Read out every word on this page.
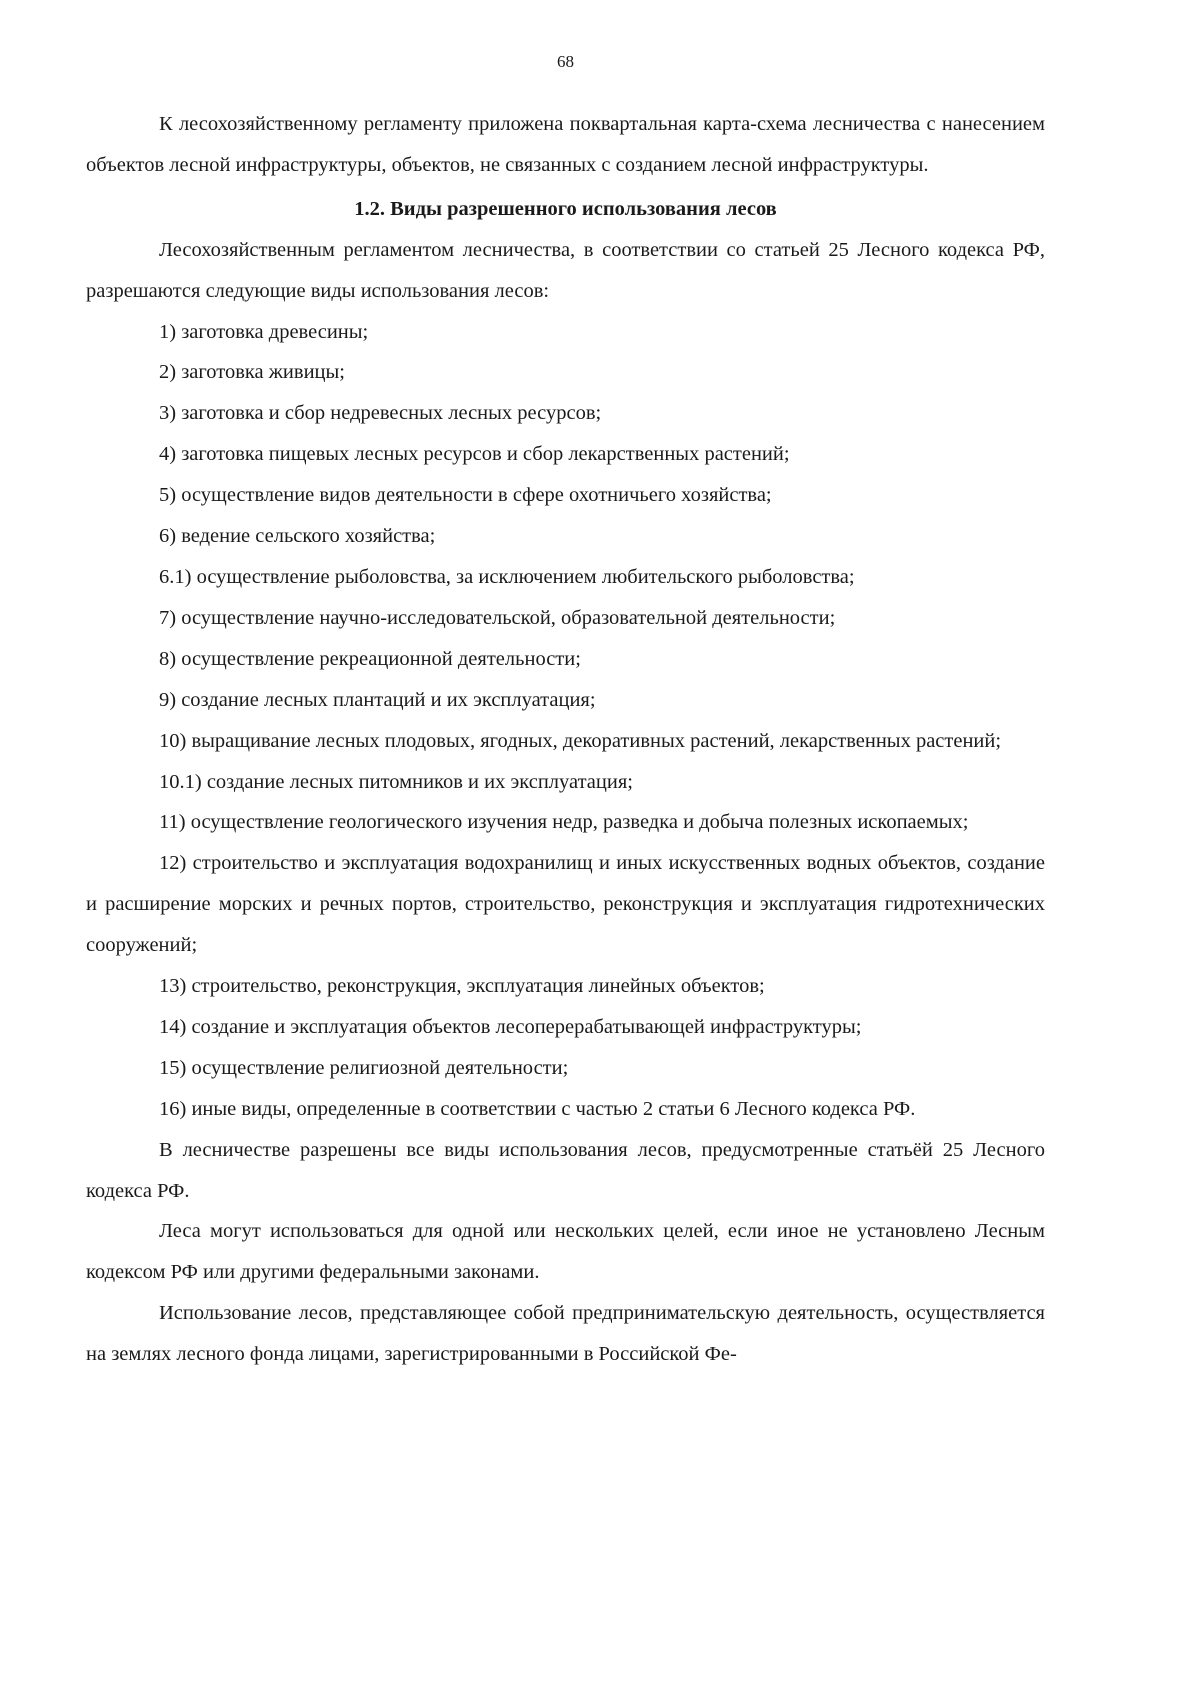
68

К лесохозяйственному регламенту приложена поквартальная карта-схема лесничества с нанесением объектов лесной инфраструктуры, объектов, не связанных с созданием лесной инфраструктуры.

1.2. Виды разрешенного использования лесов

Лесохозяйственным регламентом лесничества, в соответствии со статьей 25 Лесного кодекса РФ, разрешаются следующие виды использования лесов:

1) заготовка древесины;

2) заготовка живицы;

3) заготовка и сбор недревесных лесных ресурсов;

4) заготовка пищевых лесных ресурсов и сбор лекарственных растений;

5) осуществление видов деятельности в сфере охотничьего хозяйства;

6) ведение сельского хозяйства;

6.1) осуществление рыболовства, за исключением любительского рыболовства;

7) осуществление научно-исследовательской, образовательной деятельности;

8) осуществление рекреационной деятельности;

9) создание лесных плантаций и их эксплуатация;

10) выращивание лесных плодовых, ягодных, декоративных растений, лекарственных растений;

10.1) создание лесных питомников и их эксплуатация;

11) осуществление геологического изучения недр, разведка и добыча полезных ископаемых;

12) строительство и эксплуатация водохранилищ и иных искусственных водных объектов, создание и расширение морских и речных портов, строительство, реконструкция и эксплуатация гидротехнических сооружений;

13) строительство, реконструкция, эксплуатация линейных объектов;

14) создание и эксплуатация объектов лесоперерабатывающей инфраструктуры;

15) осуществление религиозной деятельности;

16) иные виды, определенные в соответствии с частью 2 статьи 6 Лесного кодекса РФ.

В лесничестве разрешены все виды использования лесов, предусмотренные статьёй 25 Лесного кодекса РФ.

Леса могут использоваться для одной или нескольких целей, если иное не установлено Лесным кодексом РФ или другими федеральными законами.

Использование лесов, представляющее собой предпринимательскую деятельность, осуществляется на землях лесного фонда лицами, зарегистрированными в Российской Фе-
